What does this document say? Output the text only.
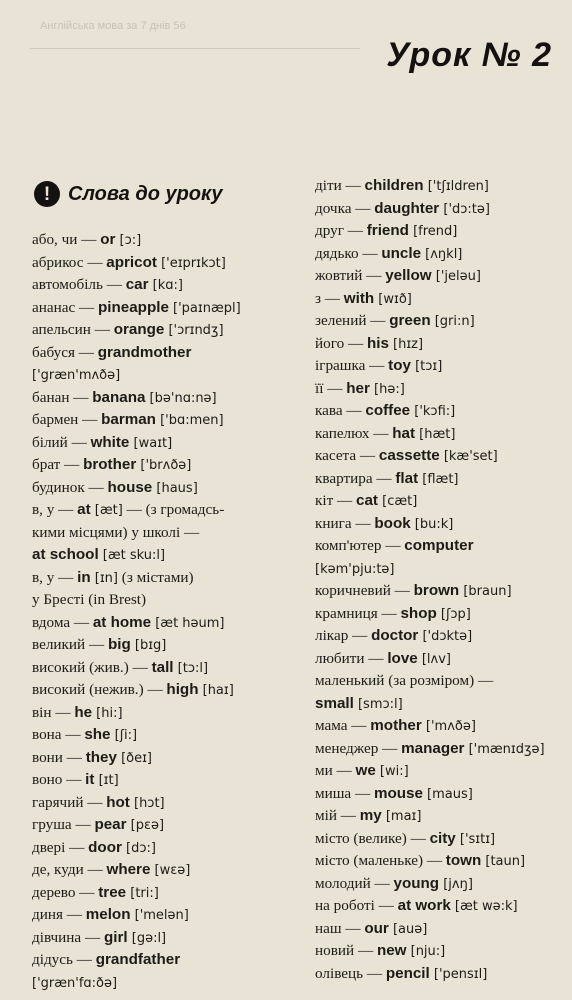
Англійська мова за 7 днів 56
Урок № 2
! Слова до уроку
або, чи — or [ɔ:]
абрикос — apricot ['eɪprɪkɔt]
автомобіль — car [kɑ:]
ананас — pineapple ['paɪnæpl]
апельсин — orange ['ɔrɪndʒ]
бабуся — grandmother
['græn'mʌðə]
банан — banana [bə'nɑ:nə]
бармен — barman ['bɑ:men]
білий — white [waɪt]
брат — brother ['brʌðə]
будинок — house [haus]
в, у — at [æt] — (з громадсь-
кими місцями) у школі —
at school [æt sku:l]
в, у — in [ɪn] (з містами)
у Бресті (in Brest)
вдома — at home [æt həum]
великий — big [bɪg]
високий (жив.) — tall [tɔ:l]
високий (нежив.) — high [haɪ]
він — he [hi:]
вона — she [ʃi:]
вони — they [ðeɪ]
воно — it [ɪt]
гарячий — hot [hɔt]
груша — pear [pɛə]
двері — door [dɔ:]
де, куди — where [wɛə]
дерево — tree [tri:]
диня — melon ['melən]
дівчина — girl [gə:l]
дідусь — grandfather
['græn'fɑ:ðə]
діти — children ['tʃɪldren]
дочка — daughter ['dɔ:tə]
друг — friend [frend]
дядько — uncle [ʌŋkl]
жовтий — yellow ['jeləu]
з — with [wɪð]
зелений — green [gri:n]
його — his [hɪz]
іграшка — toy [tɔɪ]
її — her [hə:]
кава — coffee ['kɔfi:]
капелюх — hat [hæt]
касета — cassette [kæ'set]
квартира — flat [flæt]
кіт — cat [cæt]
книга — book [bu:k]
комп'ютер — computer
[kəm'pju:tə]
коричневий — brown [braun]
крамниця — shop [ʃɔp]
лікар — doctor ['dɔktə]
любити — love [lʌv]
маленький (за розміром) —
small [smɔ:l]
мама — mother ['mʌðə]
менеджер — manager ['mænɪdʒə]
ми — we [wi:]
миша — mouse [maus]
мій — my [maɪ]
місто (велике) — city ['sɪtɪ]
місто (маленьке) — town [taun]
молодий — young [jʌŋ]
на роботі — at work [æt wə:k]
наш — our [auə]
новий — new [nju:]
олівець — pencil ['pensɪl]
